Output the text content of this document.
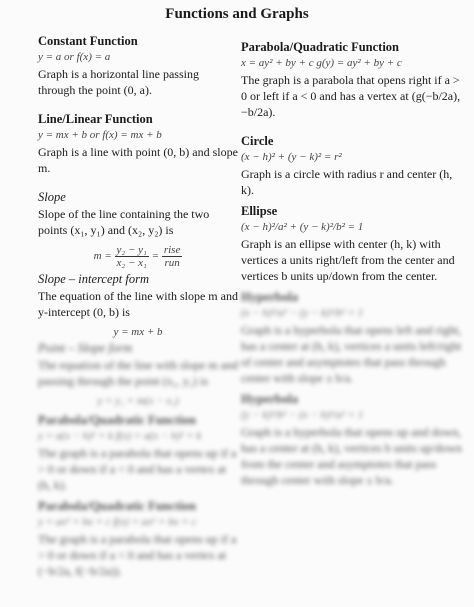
Functions and Graphs
Constant Function
y = a or f(x) = a
Graph is a horizontal line passing through the point (0, a).
Line/Linear Function
y = mx + b or f(x) = mx + b
Graph is a line with point (0, b) and slope m.
Slope
Slope of the line containing the two points (x₁, y₁) and (x₂, y₂) is
$m = \frac{\text{y₂ − y₁}}{\text{x₂ − x₁}} = \frac{\text{rise}}{\text{run}}$
Slope – intercept form
The equation of the line with slope m and y-intercept (0, b) is
y = mx + b
Point – Slope form
The equation of the line with slope m and passing through the point (x₁, y₁) is
y = y₁ + m(x − x₁)
Parabola/Quadratic Function
y = a(x − h)² + k f(x) = a(x − h)² + k
The graph is a parabola that opens up if a > 0 or down if a < 0 and has a vertex at (h, k).
Parabola/Quadratic Function
y = ax² + bx + c f(x) = ax² + bx + c
The graph is a parabola that opens up if a > 0 or down if a < 0 and has a vertex at (−b/2a, f(−b/2a)).
Parabola/Quadratic Function
x = ay² + by + c g(y) = ay² + by + c
The graph is a parabola that opens right if a > 0 or left if a < 0 and has a vertex at (g(−b/2a), −b/2a).
Circle
(x − h)² + (y − k)² = r²
Graph is a circle with radius r and center (h, k).
Ellipse
(x − h)²/a² + (y − k)²/b² = 1
Graph is an ellipse with center (h, k) with vertices a units right/left from the center and vertices b units up/down from the center.
Hyperbola
(x − h)²/a² − (y − k)²/b² = 1
Graph is a hyperbola that opens left and right, has a center at (h, k), vertices a units left/right of center and asymptotes that pass through center with slope ± b/a.
Hyperbola
(y − k)²/b² − (x − h)²/a² = 1
Graph is a hyperbola that opens up and down, has a center at (h, k), vertices b units up/down from the center and asymptotes that pass through center with slope ± b/a.
